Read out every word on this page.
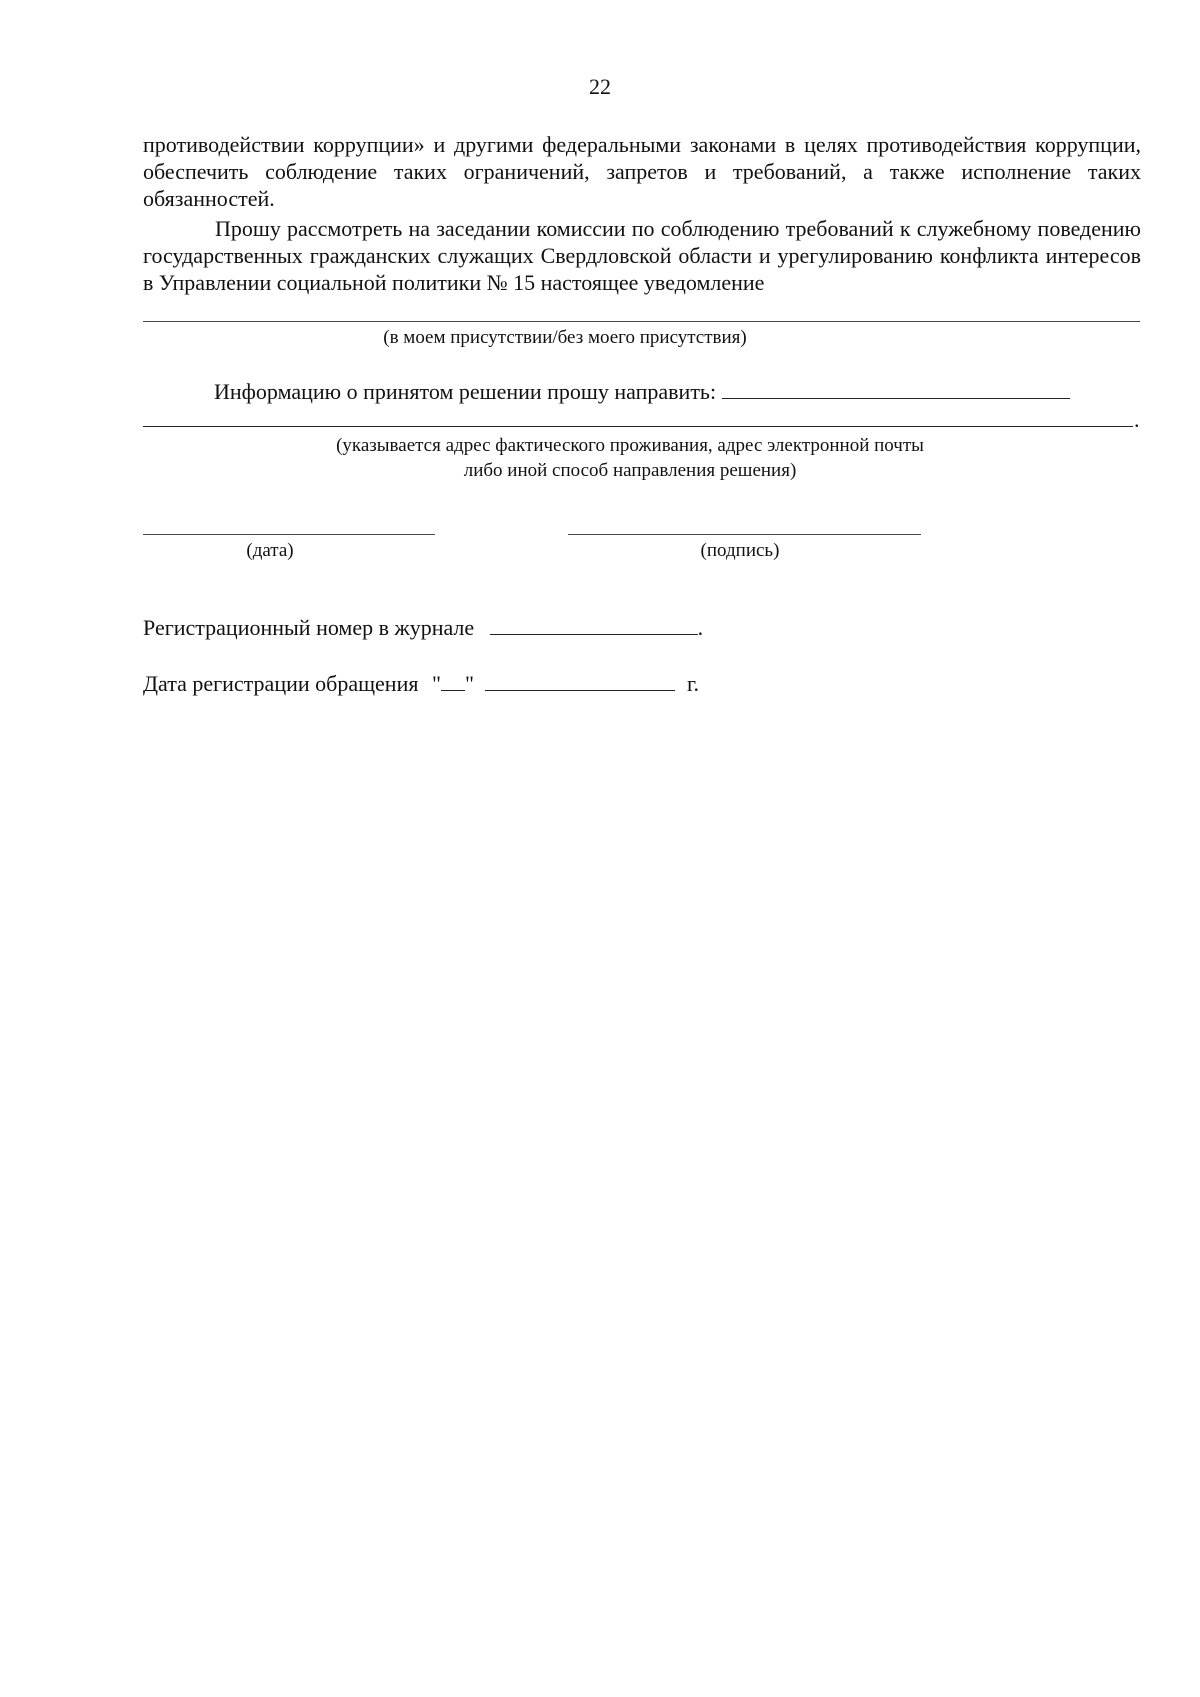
22

противодействии коррупции» и другими федеральными законами в целях противодействия коррупции, обеспечить соблюдение таких ограничений, запретов и требований, а также исполнение таких обязанностей.

Прошу рассмотреть на заседании комиссии по соблюдению требований к служебному поведению государственных гражданских служащих Свердловской области и урегулированию конфликта интересов в Управлении социальной политики № 15 настоящее уведомление

(в моем присутствии/без моего присутствия)
Информацию о принятом решении прошу направить:
.
(указывается адрес фактического проживания, адрес электронной почты
либо иной способ направления решения)
(дата)	(подпись)
Регистрационный номер в журнале	.
Дата регистрации обращения " "	г.
